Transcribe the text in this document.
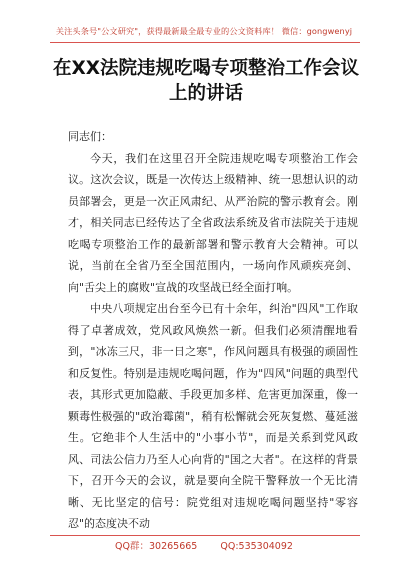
关注头条号"公文研究"，获得最新最全最专业的公文资料库！ 微信：gongwenyj
在XX法院违规吃喝专项整治工作会议上的讲话

同志们：

今天，我们在这里召开全院违规吃喝专项整治工作会议。这次会议，既是一次传达上级精神、统一思想认识的动员部署会，更是一次正风肃纪、从严治院的警示教育会。刚才，相关同志已经传达了全省政法系统及省市法院关于违规吃喝专项整治工作的最新部署和警示教育大会精神。可以说，当前在全省乃至全国范围内，一场向作风顽疾亮剑、向"舌尖上的腐败"宣战的攻坚战已经全面打响。

中央八项规定出台至今已有十余年，纠治"四风"工作取得了卓著成效，党风政风焕然一新。但我们必须清醒地看到，"冰冻三尺，非一日之寒"，作风问题具有极强的顽固性和反复性。特别是违规吃喝问题，作为"四风"问题的典型代表，其形式更加隐蔽、手段更加多样、危害更加深重，像一颗毒性极强的"政治霉菌"，稍有松懈就会死灰复燃、蔓延滋生。它绝非个人生活中的"小事小节"，而是关系到党风政风、司法公信力乃至人心向背的"国之大者"。在这样的背景下，召开今天的会议，就是要向全院干警释放一个无比清晰、无比坚定的信号：院党组对违规吃喝问题坚持"零容忍"的态度决不动

QQ群：30265665 QQ:535304092
